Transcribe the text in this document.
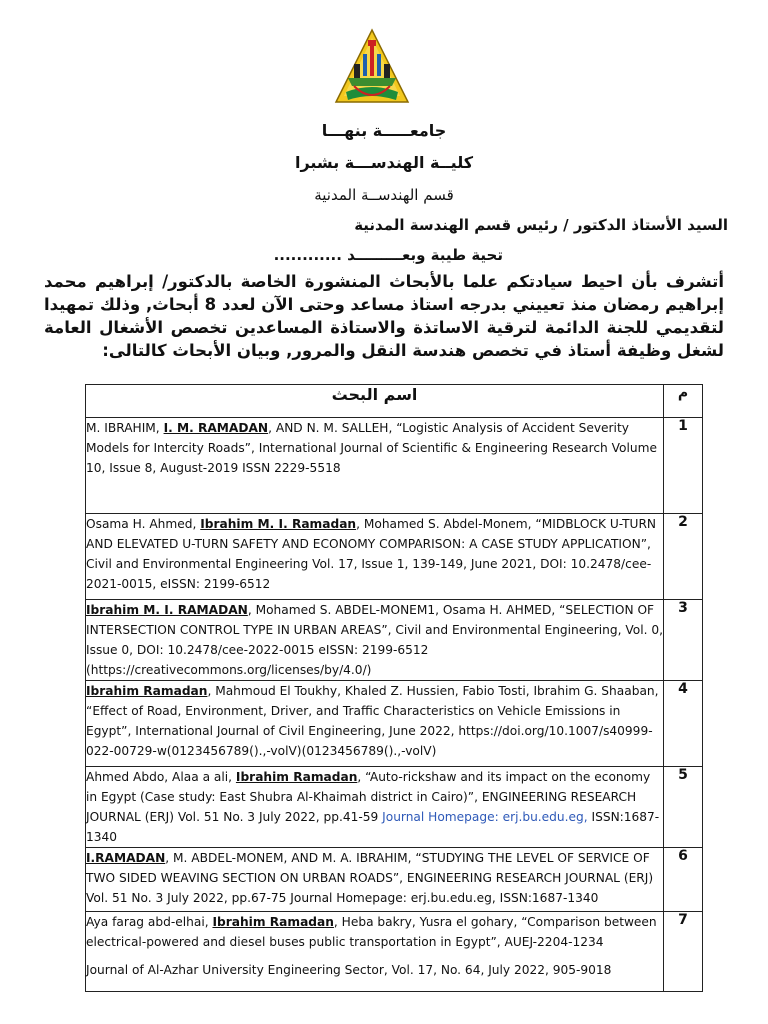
جامعـــــة بنهـــا
كليــة الهندســـة بشبرا
قسم الهندســة المدنية
السيد الأستاذ الدكتور / رئيس قسم الهندسة المدنية
تحية طيبة وبعـــــــــد ............
أتشرف بأن احيط سيادتكم علما بالأبحاث المنشورة الخاصة بالدكتور/ إبراهيم محمد إبراهيم رمضان منذ تعييني بدرجه استاذ مساعد وحتى الآن لعدد 8 أبحاث, وذلك تمهيدا لتقديمي للجنة الدائمة لترقية الاساتذة والاستاذة المساعدين تخصص الأشغال العامة لشغل وظيفة أستاذ في تخصص هندسة النقل والمرور, وبيان الأبحاث كالتالى:
م	اسم البحث
1	M. IBRAHIM, I. M. RAMADAN, AND N. M. SALLEH, “Logistic Analysis of Accident Severity Models for Intercity Roads”, International Journal of Scientific & Engineering Research Volume 10, Issue 8, August-2019 ISSN 2229-5518
2	Osama H. Ahmed, Ibrahim M. I. Ramadan, Mohamed S. Abdel-Monem, “MIDBLOCK U-TURN AND ELEVATED U-TURN SAFETY AND ECONOMY COMPARISON: A CASE STUDY APPLICATION”, Civil and Environmental Engineering Vol. 17, Issue 1, 139-149, June 2021, DOI: 10.2478/cee-2021-0015, eISSN: 2199-6512
3	Ibrahim M. I. RAMADAN, Mohamed S. ABDEL-MONEM1, Osama H. AHMED, “SELECTION OF INTERSECTION CONTROL TYPE IN URBAN AREAS”, Civil and Environmental Engineering, Vol. 0, Issue 0, DOI: 10.2478/cee-2022-0015 eISSN: 2199-6512 (https://creativecommons.org/licenses/by/4.0/)
4	Ibrahim Ramadan, Mahmoud El Toukhy, Khaled Z. Hussien, Fabio Tosti, Ibrahim G. Shaaban, “Effect of Road, Environment, Driver, and Traffic Characteristics on Vehicle Emissions in Egypt”, International Journal of Civil Engineering, June 2022, https://doi.org/10.1007/s40999-022-00729-w(0123456789().,-volV)(0123456789().,-volV)
5	Ahmed Abdo, Alaa a ali, Ibrahim Ramadan, “Auto-rickshaw and its impact on the economy in Egypt (Case study: East Shubra Al-Khaimah district in Cairo)”, ENGINEERING RESEARCH JOURNAL (ERJ) Vol. 51 No. 3 July 2022, pp.41-59 Journal Homepage: erj.bu.edu.eg, ISSN:1687-1340
6	I.RAMADAN, M. ABDEL-MONEM, AND M. A. IBRAHIM, “STUDYING THE LEVEL OF SERVICE OF TWO SIDED WEAVING SECTION ON URBAN ROADS”, ENGINEERING RESEARCH JOURNAL (ERJ) Vol. 51 No. 3 July 2022, pp.67-75 Journal Homepage: erj.bu.edu.eg, ISSN:1687-1340
7	Aya farag abd-elhai, Ibrahim Ramadan, Heba bakry, Yusra el gohary, “Comparison between electrical-powered and diesel buses public transportation in Egypt”, AUEJ-2204-1234
Journal of Al-Azhar University Engineering Sector, Vol. 17, No. 64, July 2022, 905-9018
